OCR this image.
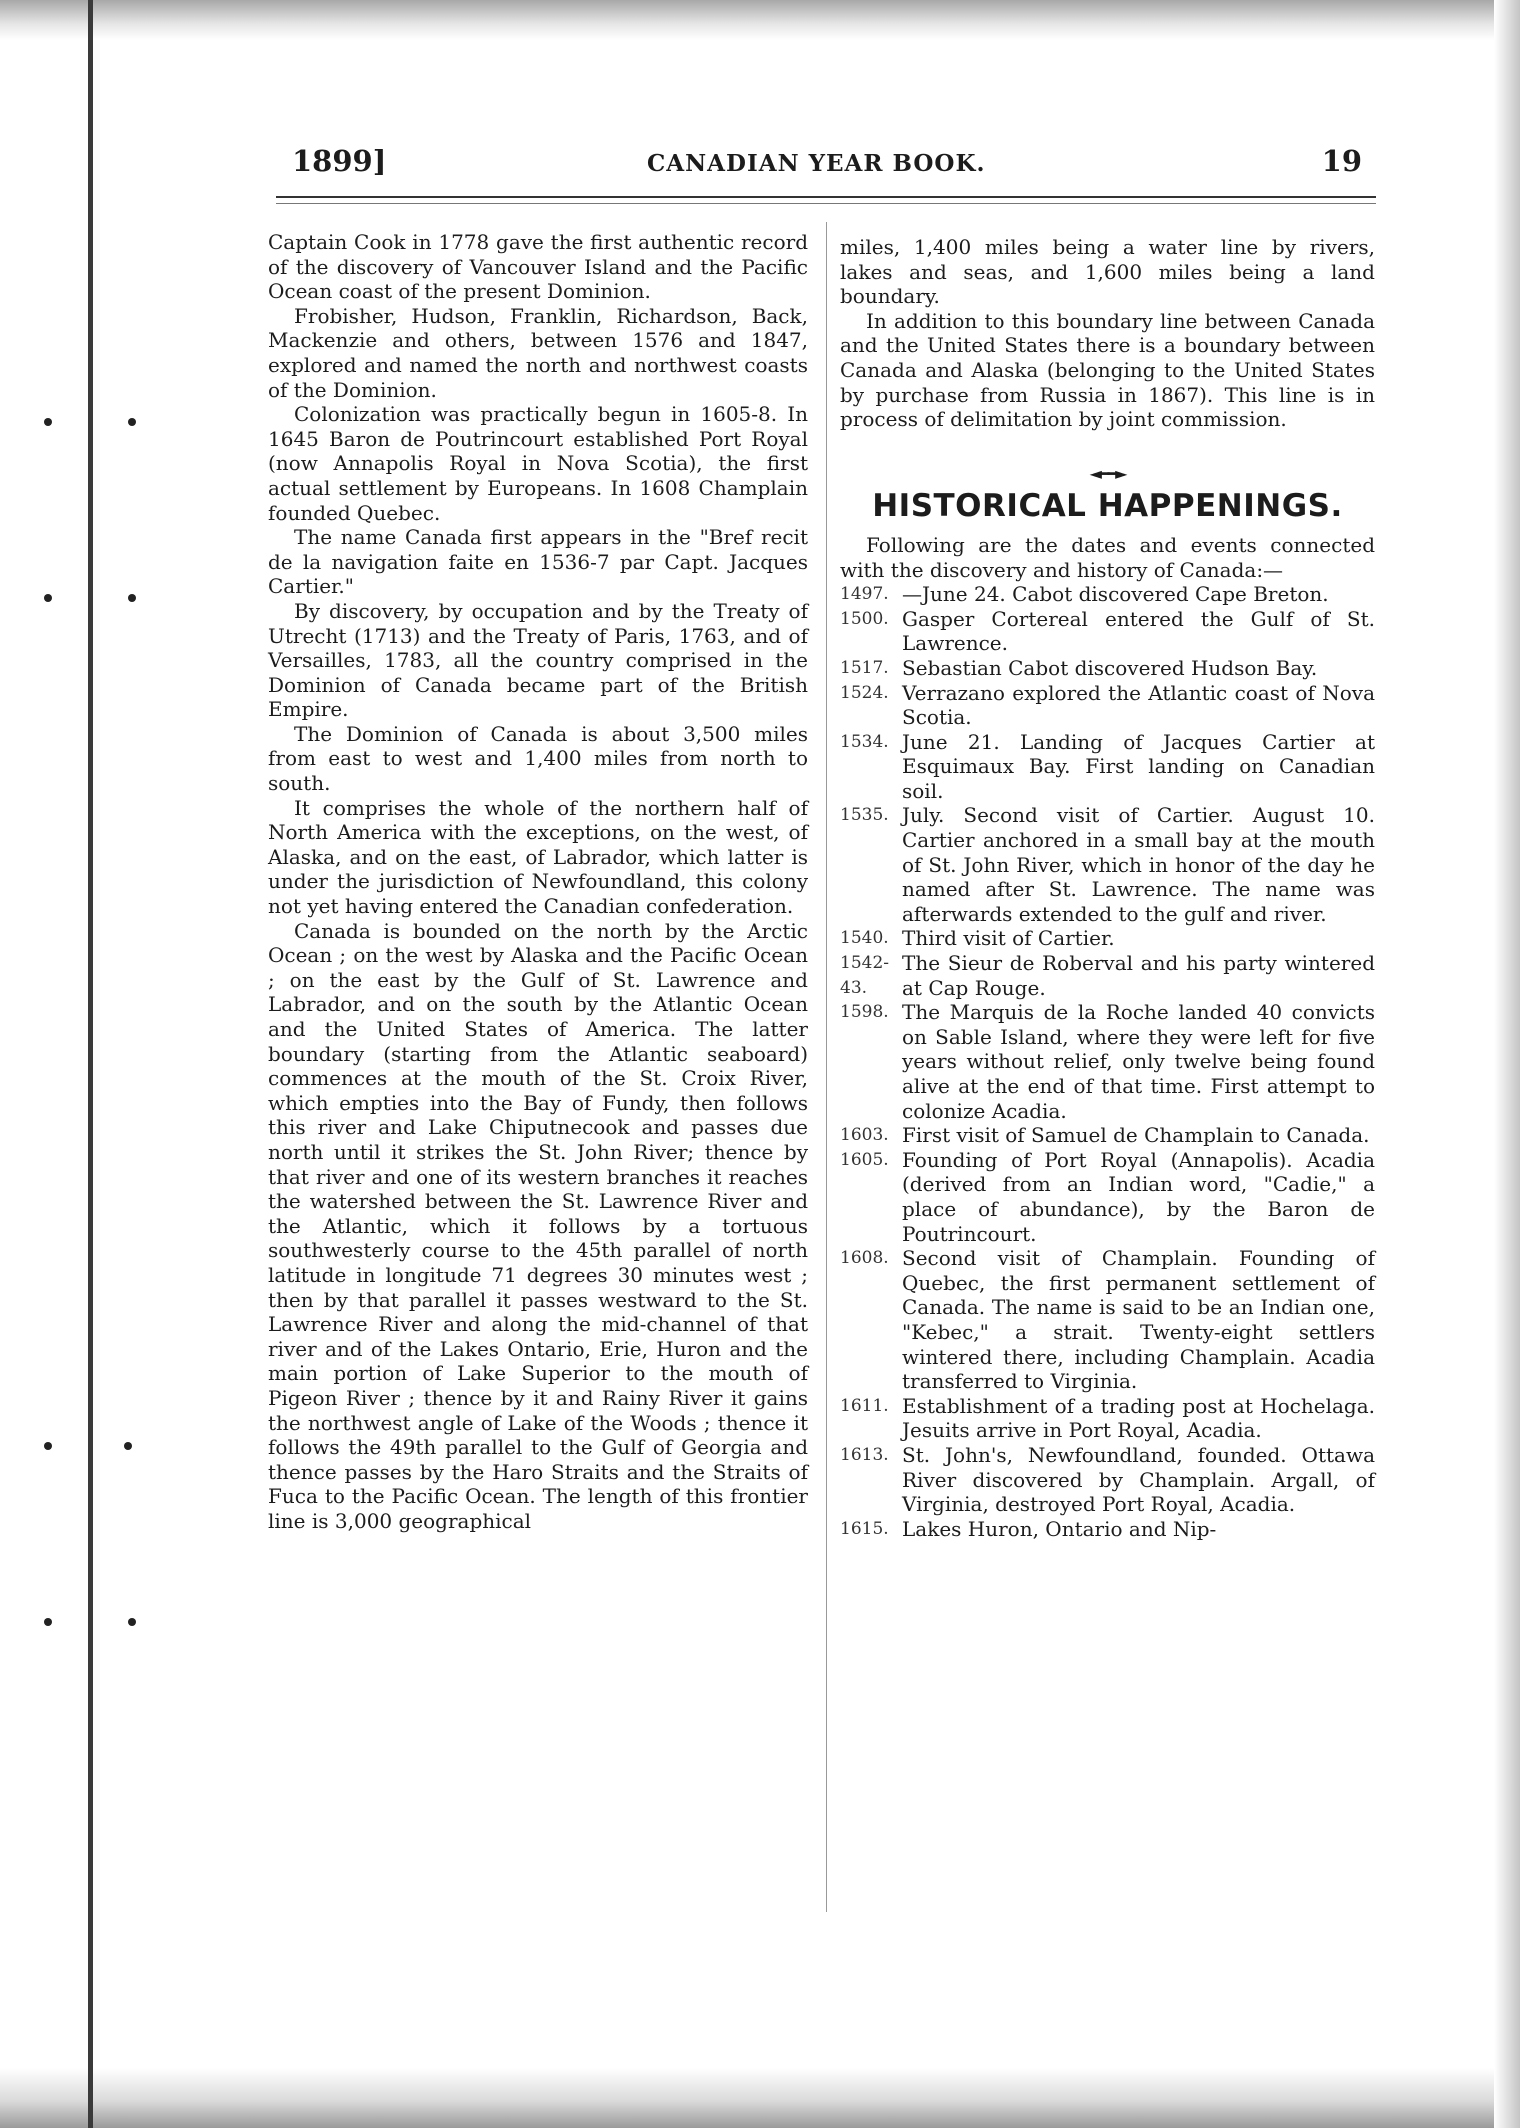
1899]	CANADIAN YEAR BOOK.	19

Captain Cook in 1778 gave the first authentic record of the discovery of Vancouver Island and the Pacific Ocean coast of the present Dominion.

Frobisher, Hudson, Franklin, Richardson, Back, Mackenzie and others, between 1576 and 1847, explored and named the north and northwest coasts of the Dominion.

Colonization was practically begun in 1605-8. In 1645 Baron de Poutrincourt established Port Royal (now Annapolis Royal in Nova Scotia), the first actual settlement by Europeans. In 1608 Champlain founded Quebec.

The name Canada first appears in the "Bref recit de la navigation faite en 1536-7 par Capt. Jacques Cartier."

By discovery, by occupation and by the Treaty of Utrecht (1713) and the Treaty of Paris, 1763, and of Versailles, 1783, all the country comprised in the Dominion of Canada became part of the British Empire.

The Dominion of Canada is about 3,500 miles from east to west and 1,400 miles from north to south.

It comprises the whole of the northern half of North America with the exceptions, on the west, of Alaska, and on the east, of Labrador, which latter is under the jurisdiction of Newfoundland, this colony not yet having entered the Canadian confederation.

Canada is bounded on the north by the Arctic Ocean ; on the west by Alaska and the Pacific Ocean ; on the east by the Gulf of St. Lawrence and Labrador, and on the south by the Atlantic Ocean and the United States of America. The latter boundary (starting from the Atlantic seaboard) commences at the mouth of the St. Croix River, which empties into the Bay of Fundy, then follows this river and Lake Chiputnecook and passes due north until it strikes the St. John River; thence by that river and one of its western branches it reaches the watershed between the St. Lawrence River and the Atlantic, which it follows by a tortuous southwesterly course to the 45th parallel of north latitude in longitude 71 degrees 30 minutes west ; then by that parallel it passes westward to the St. Lawrence River and along the mid-channel of that river and of the Lakes Ontario, Erie, Huron and the main portion of Lake Superior to the mouth of Pigeon River ; thence by it and Rainy River it gains the northwest angle of Lake of the Woods ; thence it follows the 49th parallel to the Gulf of Georgia and thence passes by the Haro Straits and the Straits of Fuca to the Pacific Ocean. The length of this frontier line is 3,000 geographical

miles, 1,400 miles being a water line by rivers, lakes and seas, and 1,600 miles being a land boundary.

In addition to this boundary line between Canada and the United States there is a boundary between Canada and Alaska (belonging to the United States by purchase from Russia in 1867). This line is in process of delimitation by joint commission.

◄━━►
HISTORICAL HAPPENINGS.

Following are the dates and events connected with the discovery and history of Canada:—

1497. —June 24. Cabot discovered Cape Breton.
1500. Gasper Cortereal entered the Gulf of St. Lawrence.
1517. Sebastian Cabot discovered Hudson Bay.
1524. Verrazano explored the Atlantic coast of Nova Scotia.
1534. June 21. Landing of Jacques Cartier at Esquimaux Bay. First landing on Canadian soil.
1535. July. Second visit of Cartier. August 10. Cartier anchored in a small bay at the mouth of St. John River, which in honor of the day he named after St. Lawrence. The name was afterwards extended to the gulf and river.
1540. Third visit of Cartier.
1542-43.
The Sieur de Roberval and his party wintered at Cap Rouge.
1598. The Marquis de la Roche landed 40 convicts on Sable Island, where they were left for five years without relief, only twelve being found alive at the end of that time. First attempt to colonize Acadia.
1603. First visit of Samuel de Champlain to Canada.
1605. Founding of Port Royal (Annapolis). Acadia (derived from an Indian word, "Cadie," a place of abundance), by the Baron de Poutrincourt.
1608. Second visit of Champlain. Founding of Quebec, the first permanent settlement of Canada. The name is said to be an Indian one, "Kebec," a strait. Twenty-eight settlers wintered there, including Champlain. Acadia transferred to Virginia.
1611. Establishment of a trading post at Hochelaga. Jesuits arrive in Port Royal, Acadia.
1613. St. John's, Newfoundland, founded. Ottawa River discovered by Champlain. Argall, of Virginia, destroyed Port Royal, Acadia.
1615. Lakes Huron, Ontario and Nip-
